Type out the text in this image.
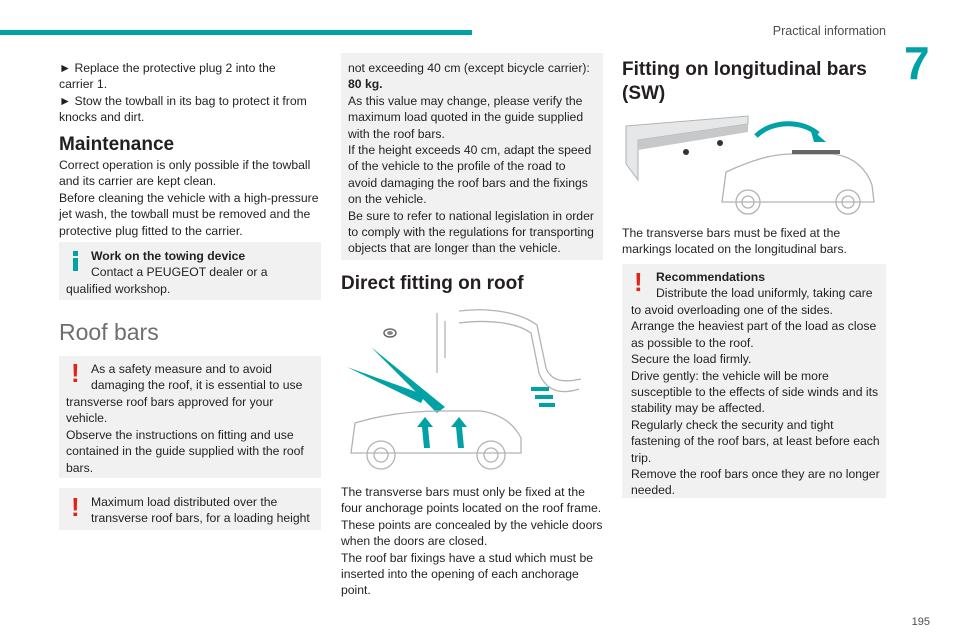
Practical information
7
► Replace the protective plug 2 into the
carrier 1.
► Stow the towball in its bag to protect it from
knocks and dirt.
Maintenance
Correct operation is only possible if the towball
and its carrier are kept clean.
Before cleaning the vehicle with a high-pressure
jet wash, the towball must be removed and the
protective plug fitted to the carrier.
Work on the towing device
Contact a PEUGEOT dealer or a
qualified workshop.
Roof bars
! As a safety measure and to avoid
damaging the roof, it is essential to use
transverse roof bars approved for your
vehicle.
Observe the instructions on fitting and use
contained in the guide supplied with the roof
bars.
! Maximum load distributed over the
transverse roof bars, for a loading height
not exceeding 40 cm (except bicycle carrier):
80 kg.
As this value may change, please verify the
maximum load quoted in the guide supplied
with the roof bars.
If the height exceeds 40 cm, adapt the speed
of the vehicle to the profile of the road to
avoid damaging the roof bars and the fixings
on the vehicle.
Be sure to refer to national legislation in order
to comply with the regulations for transporting
objects that are longer than the vehicle.
Direct fitting on roof
The transverse bars must only be fixed at the
four anchorage points located on the roof frame.
These points are concealed by the vehicle doors
when the doors are closed.
The roof bar fixings have a stud which must be
inserted into the opening of each anchorage
point.
Fitting on longitudinal bars
(SW)
The transverse bars must be fixed at the
markings located on the longitudinal bars.
! Recommendations
Distribute the load uniformly, taking care
to avoid overloading one of the sides.
Arrange the heaviest part of the load as close
as possible to the roof.
Secure the load firmly.
Drive gently: the vehicle will be more
susceptible to the effects of side winds and its
stability may be affected.
Regularly check the security and tight
fastening of the roof bars, at least before each
trip.
Remove the roof bars once they are no longer
needed.
195
